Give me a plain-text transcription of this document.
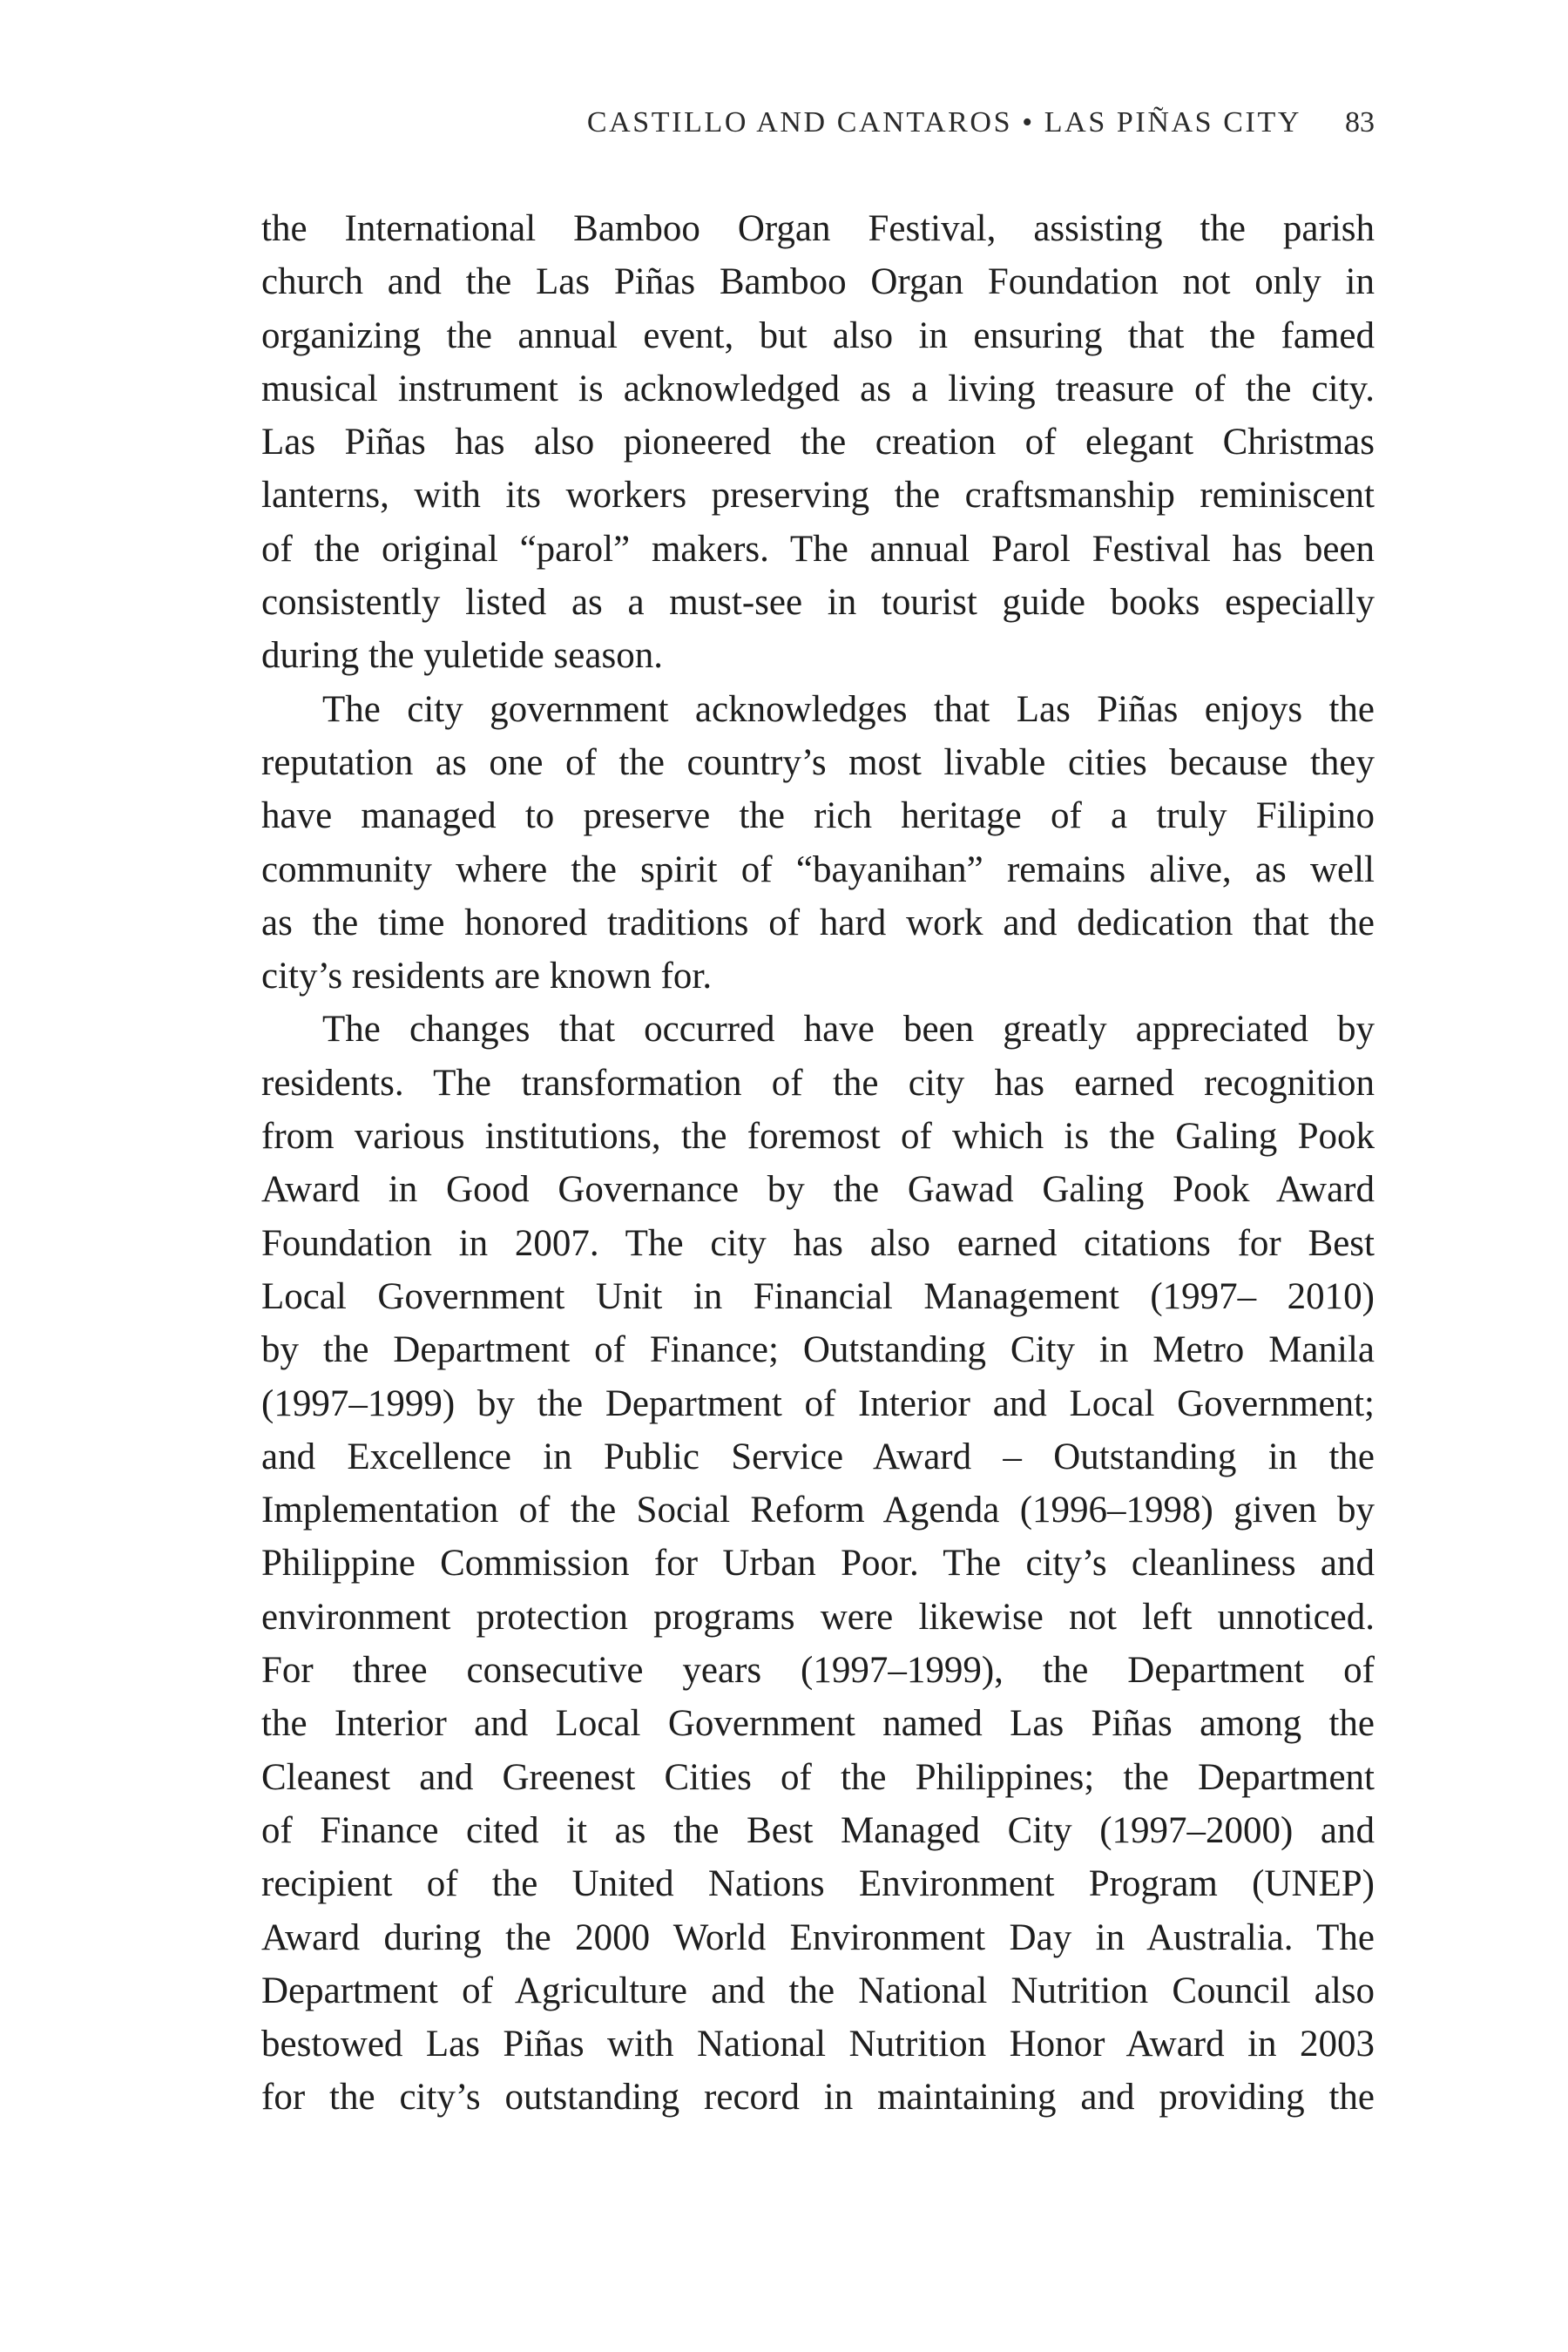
CASTILLO AND CANTAROS • LAS PIÑAS CITY 83
the International Bamboo Organ Festival, assisting the parish
church and the Las Piñas Bamboo Organ Foundation not only in
organizing the annual event, but also in ensuring that the famed
musical instrument is acknowledged as a living treasure of the city.
Las Piñas has also pioneered the creation of elegant Christmas
lanterns, with its workers preserving the craftsmanship reminiscent
of the original “parol” makers. The annual Parol Festival has been
consistently listed as a must-see in tourist guide books especially
during the yuletide season.
The city government acknowledges that Las Piñas enjoys the
reputation as one of the country’s most livable cities because they
have managed to preserve the rich heritage of a truly Filipino
community where the spirit of “bayanihan” remains alive, as well
as the time honored traditions of hard work and dedication that the
city’s residents are known for.
The changes that occurred have been greatly appreciated by
residents. The transformation of the city has earned recognition
from various institutions, the foremost of which is the Galing Pook
Award in Good Governance by the Gawad Galing Pook Award
Foundation in 2007. The city has also earned citations for Best
Local Government Unit in Financial Management (1997– 2010)
by the Department of Finance; Outstanding City in Metro Manila
(1997–1999) by the Department of Interior and Local Government;
and Excellence in Public Service Award – Outstanding in the
Implementation of the Social Reform Agenda (1996–1998) given by
Philippine Commission for Urban Poor. The city’s cleanliness and
environment protection programs were likewise not left unnoticed.
For three consecutive years (1997–1999), the Department of
the Interior and Local Government named Las Piñas among the
Cleanest and Greenest Cities of the Philippines; the Department
of Finance cited it as the Best Managed City (1997–2000) and
recipient of the United Nations Environment Program (UNEP)
Award during the 2000 World Environment Day in Australia. The
Department of Agriculture and the National Nutrition Council also
bestowed Las Piñas with National Nutrition Honor Award in 2003
for the city’s outstanding record in maintaining and providing the
